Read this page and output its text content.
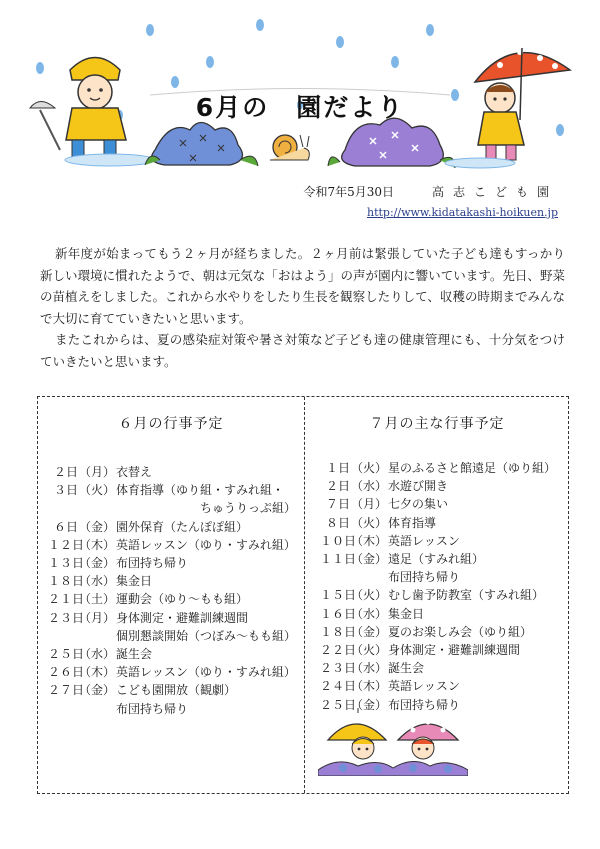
6月の　園だより
令和7年5月30日	高志こども園
http://www.kidatakashi-hoikuen.jp

新年度が始まってもう２ヶ月が経ちました。２ヶ月前は緊張していた子ども達もすっかり新しい環境に慣れたようで、朝は元気な「おはよう」の声が園内に響いています。先日、野菜の苗植えをしました。これから水やりをしたり生長を観察したりして、収穫の時期までみんなで大切に育てていきたいと思います。

またこれからは、夏の感染症対策や暑さ対策など子ども達の健康管理にも、十分気をつけていきたいと思います。

６月の行事予定
２日 （月） 衣替え
３日 （火） 体育指導（ゆり組・すみれ組・
　　　　　　　ちゅうりっぷ組）
６日 （金） 園外保育（たんぽぽ組）
１２日
（木） 英語レッスン（ゆり・すみれ組）
１３日
（金） 布団持ち帰り
１８日
（水） 集金日
２１日
（土） 運動会（ゆり〜もも組）
２３日
（月） 身体測定・避難訓練週間
個別懇談開始（つぼみ〜もも組）
２５日
（水） 誕生会
２６日
（木） 英語レッスン（ゆり・すみれ組）
２７日
（金） こども園開放（観劇）
布団持ち帰り
７月の主な行事予定
１日 （火） 星のふるさと館遠足（ゆり組）
２日 （水） 水遊び開き
７日 （月） 七夕の集い
８日 （火） 体育指導
１０日
（木） 英語レッスン
１１日
（金） 遠足（すみれ組）
布団持ち帰り
１５日
（火） むし歯予防教室（すみれ組）
１６日
（水） 集金日
１８日
（金） 夏のお楽しみ会（ゆり組）
２２日
（火） 身体測定・避難訓練週間
２３日
（水） 誕生会
２４日
（木） 英語レッスン
２５日
（金） 布団持ち帰り
